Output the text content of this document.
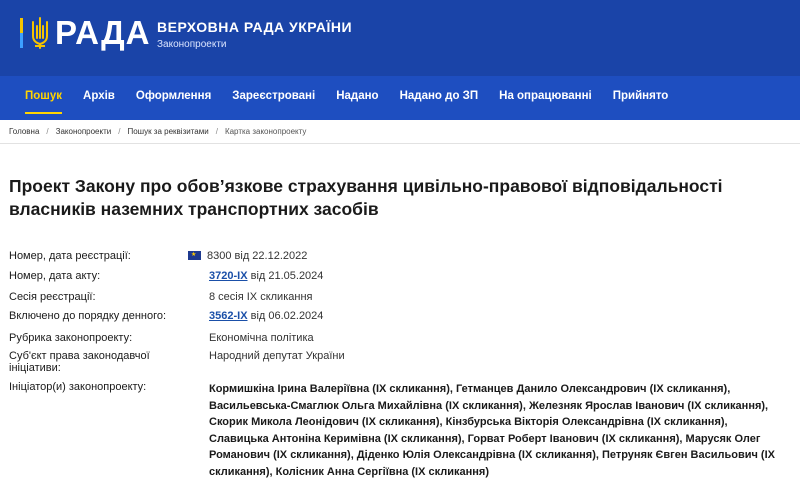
РАДА ВЕРХОВНА РАДА УКРАЇНИ
Законопроекти
Пошук Архів Оформлення Зареєстровані Надано Надано до ЗП На опрацюванні Прийнято
Головна / Законопроекти / Пошук за реквізитами / Картка законопроекту
Проект Закону про обов’язкове страхування цивільно-правової відповідальності власників наземних транспортних засобів
Номер, дата реєстрації:
★	8300 від 22.12.2022
Номер, дата акту:	3720-IX від 21.05.2024
Сесія реєстрації:	8 сесія IX скликання
Включено до порядку денного:	3562-IX від 06.02.2024
Рубрика законопроекту:	Економічна політика
Суб'єкт права законодавчої ініціативи:
Народний депутат України
Ініціатор(и) законопроекту:	Кормишкіна Ірина Валеріївна (IX скликання), Гетманцев Данило Олександрович (IX скликання), Васильевська-Смаглюк Ольга Михайлівна (IX скликання), Железняк Ярослав Іванович (IX скликання), Скорик Микола Леонідович (IX скликання), Кінзбурська Вікторія Олександрівна (IX скликання), Славицька Антоніна Керимівна (IX скликання), Горват Роберт Іванович (IX скликання), Марусяк Олег Романович (IX скликання), Діденко Юлія Олександрівна (IX скликання), Петруняк Євген Васильович (IX скликання), Колісник Анна Сергіївна (IX скликання)
